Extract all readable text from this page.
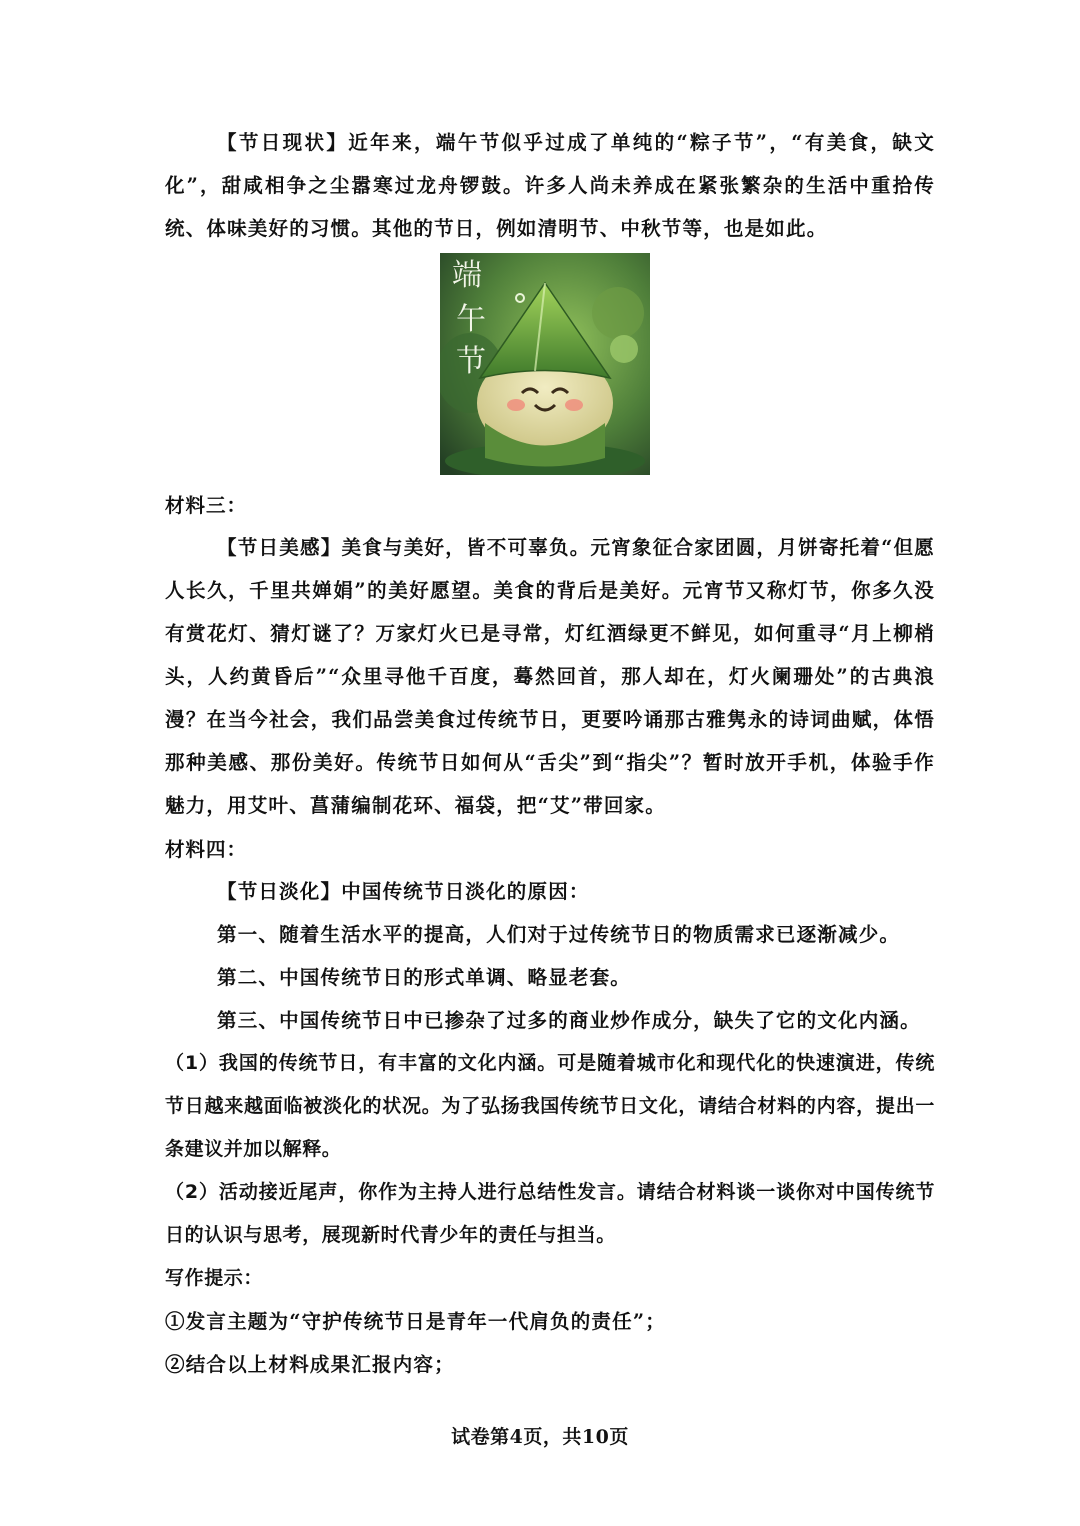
【节日现状】近年来，端午节似乎过成了单纯的“粽子节”，“有美食，缺文化”，甜咸相争之尘嚣寒过龙舟锣鼓。许多人尚未养成在紧张繁杂的生活中重拾传统、体味美好的习惯。其他的节日，例如清明节、中秋节等，也是如此。

端
午
节

材料三：

【节日美感】美食与美好，皆不可辜负。元宵象征合家团圆，月饼寄托着“但愿人长久，千里共婵娟”的美好愿望。美食的背后是美好。元宵节又称灯节，你多久没有赏花灯、猜灯谜了？万家灯火已是寻常，灯红酒绿更不鲜见，如何重寻“月上柳梢头，人约黄昏后”“众里寻他千百度，蓦然回首，那人却在，灯火阑珊处”的古典浪漫？在当今社会，我们品尝美食过传统节日，更要吟诵那古雅隽永的诗词曲赋，体悟那种美感、那份美好。传统节日如何从“舌尖”到“指尖”？暂时放开手机，体验手作魅力，用艾叶、菖蒲编制花环、福袋，把“艾”带回家。

材料四：

【节日淡化】中国传统节日淡化的原因：

第一、随着生活水平的提高，人们对于过传统节日的物质需求已逐渐减少。

第二、中国传统节日的形式单调、略显老套。

第三、中国传统节日中已掺杂了过多的商业炒作成分，缺失了它的文化内涵。

（1）我国的传统节日，有丰富的文化内涵。可是随着城市化和现代化的快速演进，传统节日越来越面临被淡化的状况。为了弘扬我国传统节日文化，请结合材料的内容，提出一条建议并加以解释。

（2）活动接近尾声，你作为主持人进行总结性发言。请结合材料谈一谈你对中国传统节日的认识与思考，展现新时代青少年的责任与担当。

写作提示：

①发言主题为“守护传统节日是青年一代肩负的责任”；

②结合以上材料成果汇报内容；

试卷第4页，共10页
